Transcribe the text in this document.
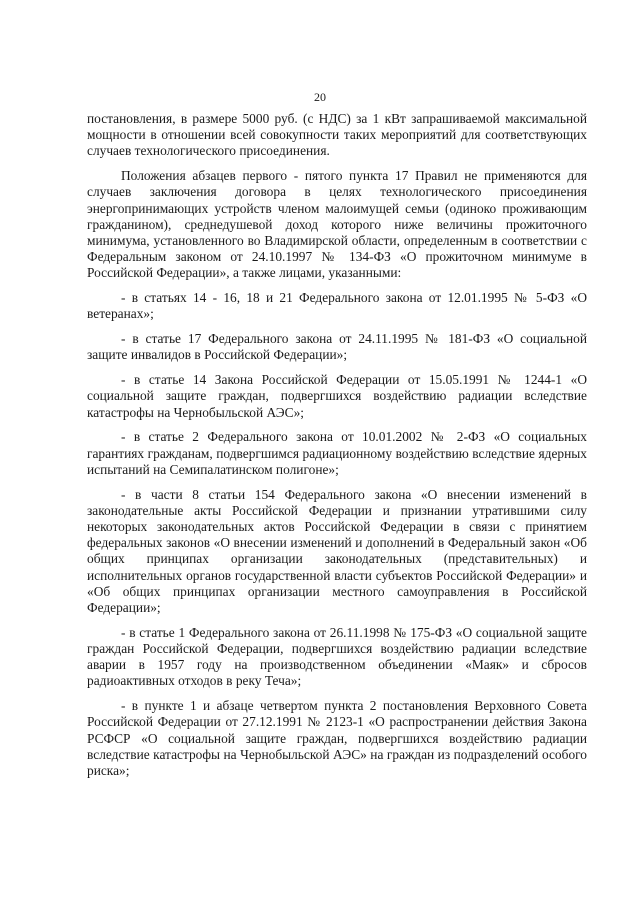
20

постановления, в размере 5000 руб. (с НДС) за 1 кВт запрашиваемой максимальной мощности в отношении всей совокупности таких мероприятий для соответствующих случаев технологического присоединения.

Положения абзацев первого - пятого пункта 17 Правил не применяются для случаев заключения договора в целях технологического присоединения энергопринимающих устройств членом малоимущей семьи (одиноко проживающим гражданином), среднедушевой доход которого ниже величины прожиточного минимума, установленного во Владимирской области, определенным в соответствии с Федеральным законом от 24.10.1997 № 134-ФЗ «О прожиточном минимуме в Российской Федерации», а также лицами, указанными:

- в статьях 14 - 16, 18 и 21 Федерального закона от 12.01.1995 № 5-ФЗ «О ветеранах»;

- в статье 17 Федерального закона от 24.11.1995 № 181-ФЗ «О социальной защите инвалидов в Российской Федерации»;

- в статье 14 Закона Российской Федерации от 15.05.1991 № 1244-1 «О социальной защите граждан, подвергшихся воздействию радиации вследствие катастрофы на Чернобыльской АЭС»;

- в статье 2 Федерального закона от 10.01.2002 № 2-ФЗ «О социальных гарантиях гражданам, подвергшимся радиационному воздействию вследствие ядерных испытаний на Семипалатинском полигоне»;

- в части 8 статьи 154 Федерального закона «О внесении изменений в законодательные акты Российской Федерации и признании утратившими силу некоторых законодательных актов Российской Федерации в связи с принятием федеральных законов «О внесении изменений и дополнений в Федеральный закон «Об общих принципах организации законодательных (представительных) и исполнительных органов государственной власти субъектов Российской Федерации» и «Об общих принципах организации местного самоуправления в Российской Федерации»;

- в статье 1 Федерального закона от 26.11.1998 № 175-ФЗ «О социальной защите граждан Российской Федерации, подвергшихся воздействию радиации вследствие аварии в 1957 году на производственном объединении «Маяк» и сбросов радиоактивных отходов в реку Теча»;

- в пункте 1 и абзаце четвертом пункта 2 постановления Верховного Совета Российской Федерации от 27.12.1991 № 2123-1 «О распространении действия Закона РСФСР «О социальной защите граждан, подвергшихся воздействию радиации вследствие катастрофы на Чернобыльской АЭС» на граждан из подразделений особого риска»;
